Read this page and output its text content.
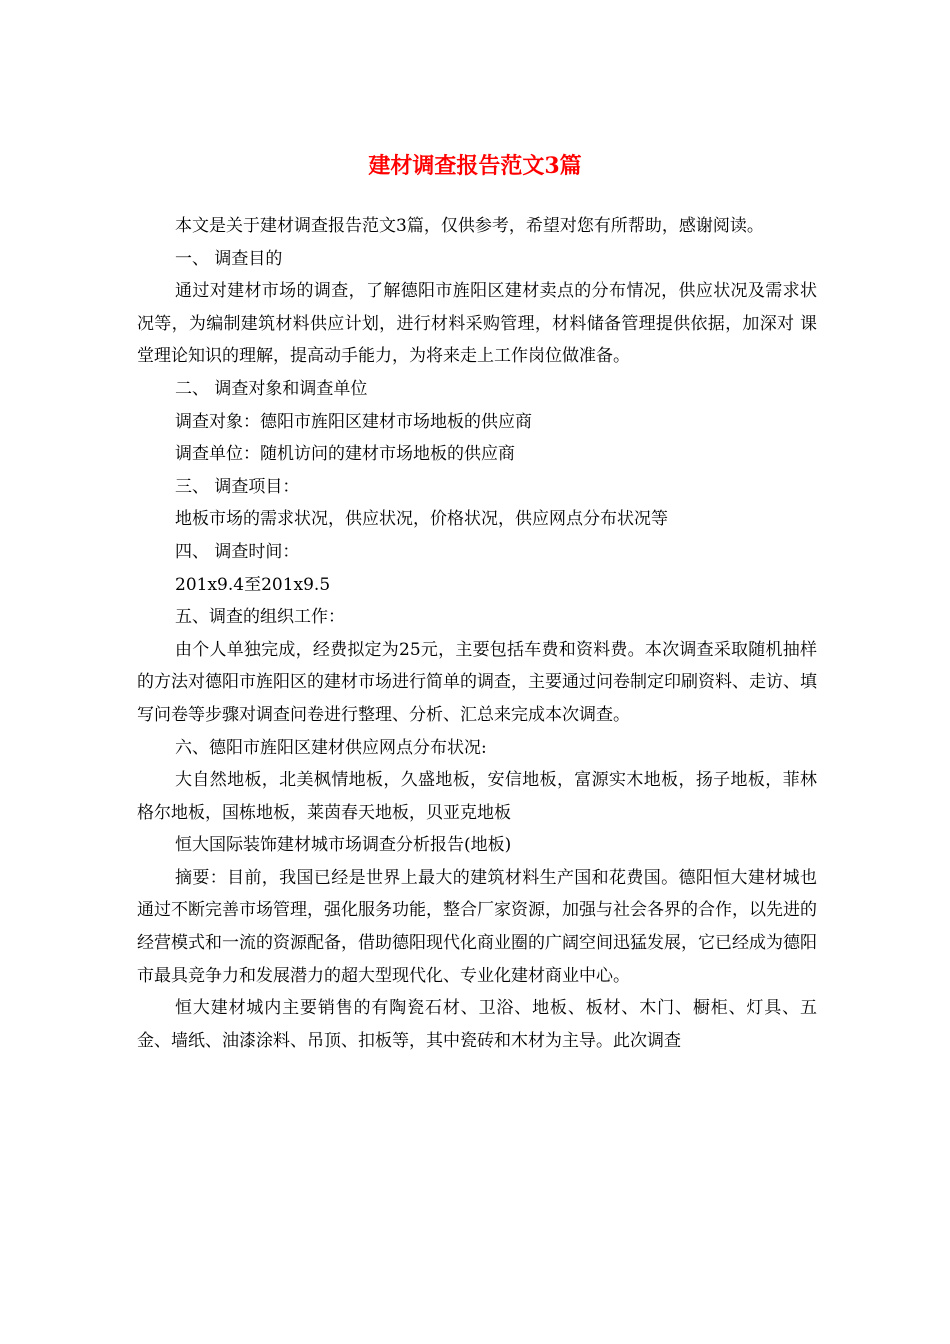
建材调查报告范文3篇

本文是关于建材调查报告范文3篇，仅供参考，希望对您有所帮助，感谢阅读。

一、 调查目的

通过对建材市场的调查，了解德阳市旌阳区建材卖点的分布情况，供应状况及需求状况等，为编制建筑材料供应计划，进行材料采购管理，材料储备管理提供依据，加深对 课堂理论知识的理解，提高动手能力，为将来走上工作岗位做准备。

二、 调查对象和调查单位

调查对象：德阳市旌阳区建材市场地板的供应商

调查单位：随机访问的建材市场地板的供应商

三、 调查项目：

地板市场的需求状况，供应状况，价格状况，供应网点分布状况等

四、 调查时间：

201x9.4至201x9.5

五、调查的组织工作：

由个人单独完成，经费拟定为25元，主要包括车费和资料费。本次调查采取随机抽样的方法对德阳市旌阳区的建材市场进行简单的调查，主要通过问卷制定印刷资料、走访、填写问卷等步骤对调查问卷进行整理、分析、汇总来完成本次调查。

六、德阳市旌阳区建材供应网点分布状况:

大自然地板，北美枫情地板，久盛地板，安信地板，富源实木地板，扬子地板，菲林格尔地板，国栋地板，莱茵春天地板，贝亚克地板

恒大国际装饰建材城市场调查分析报告(地板)

摘要：目前，我国已经是世界上最大的建筑材料生产国和花费国。德阳恒大建材城也通过不断完善市场管理，强化服务功能，整合厂家资源，加强与社会各界的合作，以先进的经营模式和一流的资源配备，借助德阳现代化商业圈的广阔空间迅猛发展，它已经成为德阳市最具竞争力和发展潜力的超大型现代化、专业化建材商业中心。

恒大建材城内主要销售的有陶瓷石材、卫浴、地板、板材、木门、橱柜、灯具、五金、墙纸、油漆涂料、吊顶、扣板等，其中瓷砖和木材为主导。此次调查
